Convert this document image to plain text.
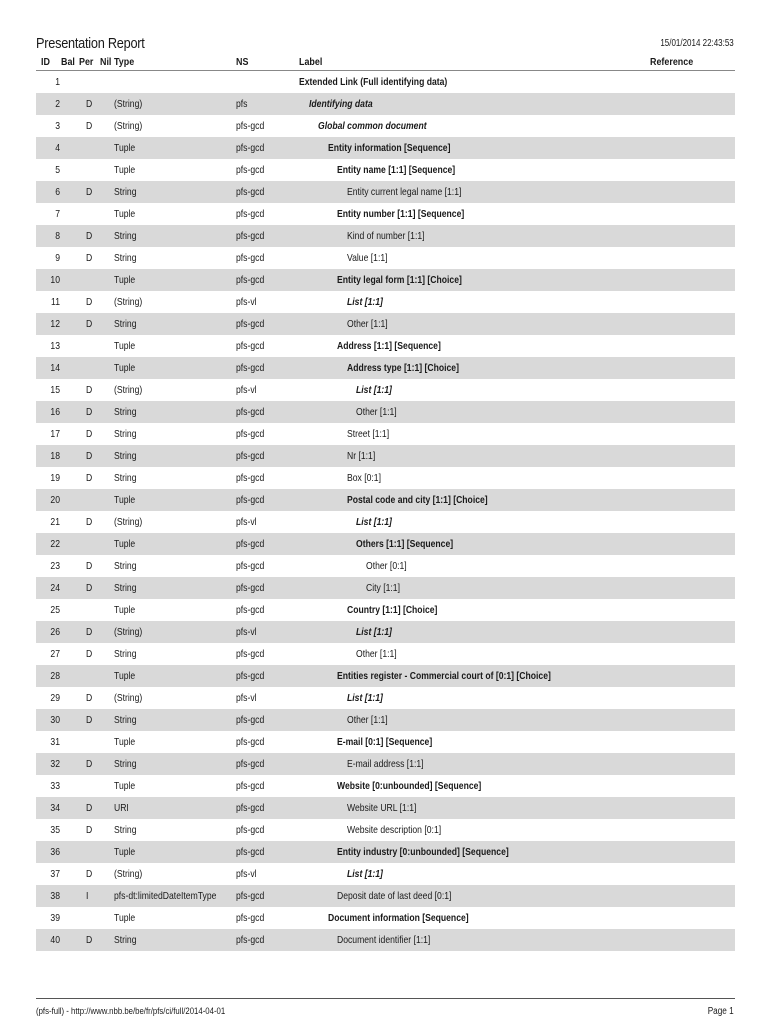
Presentation Report	15/01/2014 22:43:53
ID Bal Per Nil Type	NS	Label	Reference
1	Extended Link (Full identifying data)
2 D (String)	pfs	Identifying data
3 D (String)	pfs-gcd	Global common document
4	Tuple	pfs-gcd	Entity information [Sequence]
5	Tuple	pfs-gcd	Entity name [1:1] [Sequence]
6 D String	pfs-gcd	Entity current legal name [1:1]
7	Tuple	pfs-gcd	Entity number [1:1] [Sequence]
8 D String	pfs-gcd	Kind of number [1:1]
9 D String	pfs-gcd	Value [1:1]
10	Tuple	pfs-gcd	Entity legal form [1:1] [Choice]
11 D (String)	pfs-vl	List [1:1]
12 D String	pfs-gcd	Other [1:1]
13	Tuple	pfs-gcd	Address [1:1] [Sequence]
14	Tuple	pfs-gcd	Address type [1:1] [Choice]
15 D (String)	pfs-vl	List [1:1]
16 D String	pfs-gcd	Other [1:1]
17 D String	pfs-gcd	Street [1:1]
18 D String	pfs-gcd	Nr [1:1]
19 D String	pfs-gcd	Box [0:1]
20	Tuple	pfs-gcd	Postal code and city [1:1] [Choice]
21 D (String)	pfs-vl	List [1:1]
22	Tuple	pfs-gcd	Others [1:1] [Sequence]
23 D String	pfs-gcd	Other [0:1]
24 D String	pfs-gcd	City [1:1]
25	Tuple	pfs-gcd	Country [1:1] [Choice]
26 D (String)	pfs-vl	List [1:1]
27 D String	pfs-gcd	Other [1:1]
28	Tuple	pfs-gcd	Entities register - Commercial court of [0:1] [Choice]
29 D (String)	pfs-vl	List [1:1]
30 D String	pfs-gcd	Other [1:1]
31	Tuple	pfs-gcd	E-mail [0:1] [Sequence]
32 D String	pfs-gcd	E-mail address [1:1]
33	Tuple	pfs-gcd	Website [0:unbounded] [Sequence]
34 D URI	pfs-gcd	Website URL [1:1]
35 D String	pfs-gcd	Website description [0:1]
36	Tuple	pfs-gcd	Entity industry [0:unbounded] [Sequence]
37 D (String)	pfs-vl	List [1:1]
38 I pfs-dt:limitedDateItemType pfs-gcd	Deposit date of last deed [0:1]
39	Tuple	pfs-gcd	Document information [Sequence]
40 D String	pfs-gcd	Document identifier [1:1]
(pfs-full) - http://www.nbb.be/be/fr/pfs/ci/full/2014-04-01	Page 1
